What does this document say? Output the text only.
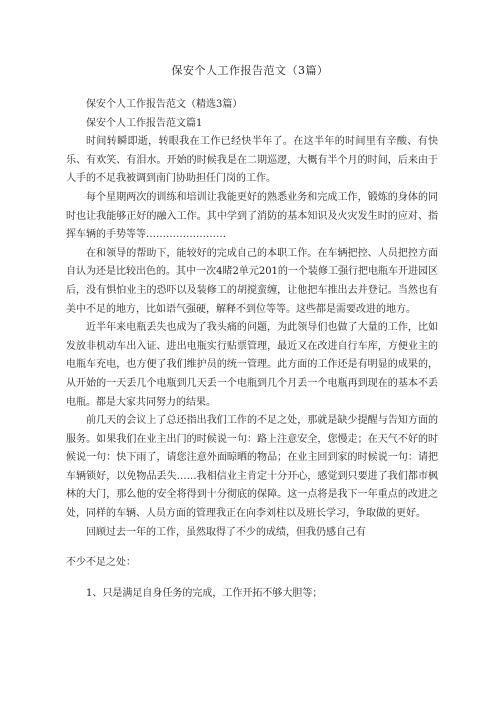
保安个人工作报告范文（3篇）

保安个人工作报告范文（精选3篇）

保安个人工作报告范文篇1

时间转瞬即逝，转眼我在工作已经快半年了。在这半年的时间里有辛酸、有快乐、有欢笑、有泪水。开始的时候我是在二期巡逻，大概有半个月的时间，后来由于人手的不足我被调到南门协助担任门岗的工作。

每个星期两次的训练和培训让我能更好的熟悉业务和完成工作，锻炼的身体的同时也让我能够正好的融入工作。其中学到了消防的基本知识及火灾发生时的应对、指挥车辆的手势等等……………………

在和领导的帮助下，能较好的完成自己的本职工作。在车辆把控、人员把控方面自认为还是比较出色的。其中一次4睹2单元201的一个装修工强行把电瓶车开进园区后，没有惧怕业主的恐吓以及装修工的胡搅蛮缠，让他把车推出去并登记。当然也有美中不足的地方，比如语气强硬，解释不到位等等。这些都是需要改进的地方。

近半年来电瓶丢失也成为了我头痛的问题，为此领导们也做了大量的工作，比如发放非机动车出入证、进出电瓶实行贴票管理，最近又在改进自行车库，方便业主的电瓶车充电，也方便了我们维护员的统一管理。此方面的工作还是有明显的成果的，从开始的一天丢几个电瓶到几天丢一个电瓶到几个月丢一个电瓶再到现在的基本不丢电瓶。都是大家共同努力的结果。

前几天的会议上了总还指出我们工作的不足之处，那就是缺少提醒与告知方面的服务。如果我们在业主出门的时候说一句：路上注意安全，您慢走；在天气不好的时候说一句：快下雨了，请您注意外面晾晒的物品；在业主回到家的时候说一句：请把车辆锁好，以免物品丢失……我相信业主肯定十分开心，感觉到只要进了我们都市枫林的大门，那么他的安全将得到十分彻底的保障。这一点将是我下一年重点的改进之处，同样的车辆、人员方面的管理我正在向李刘柱以及班长学习，争取做的更好。

回顾过去一年的工作，虽然取得了不少的成绩，但我仍感自己有

不少不足之处：

1、只是满足自身任务的完成，工作开拓不够大胆等；
